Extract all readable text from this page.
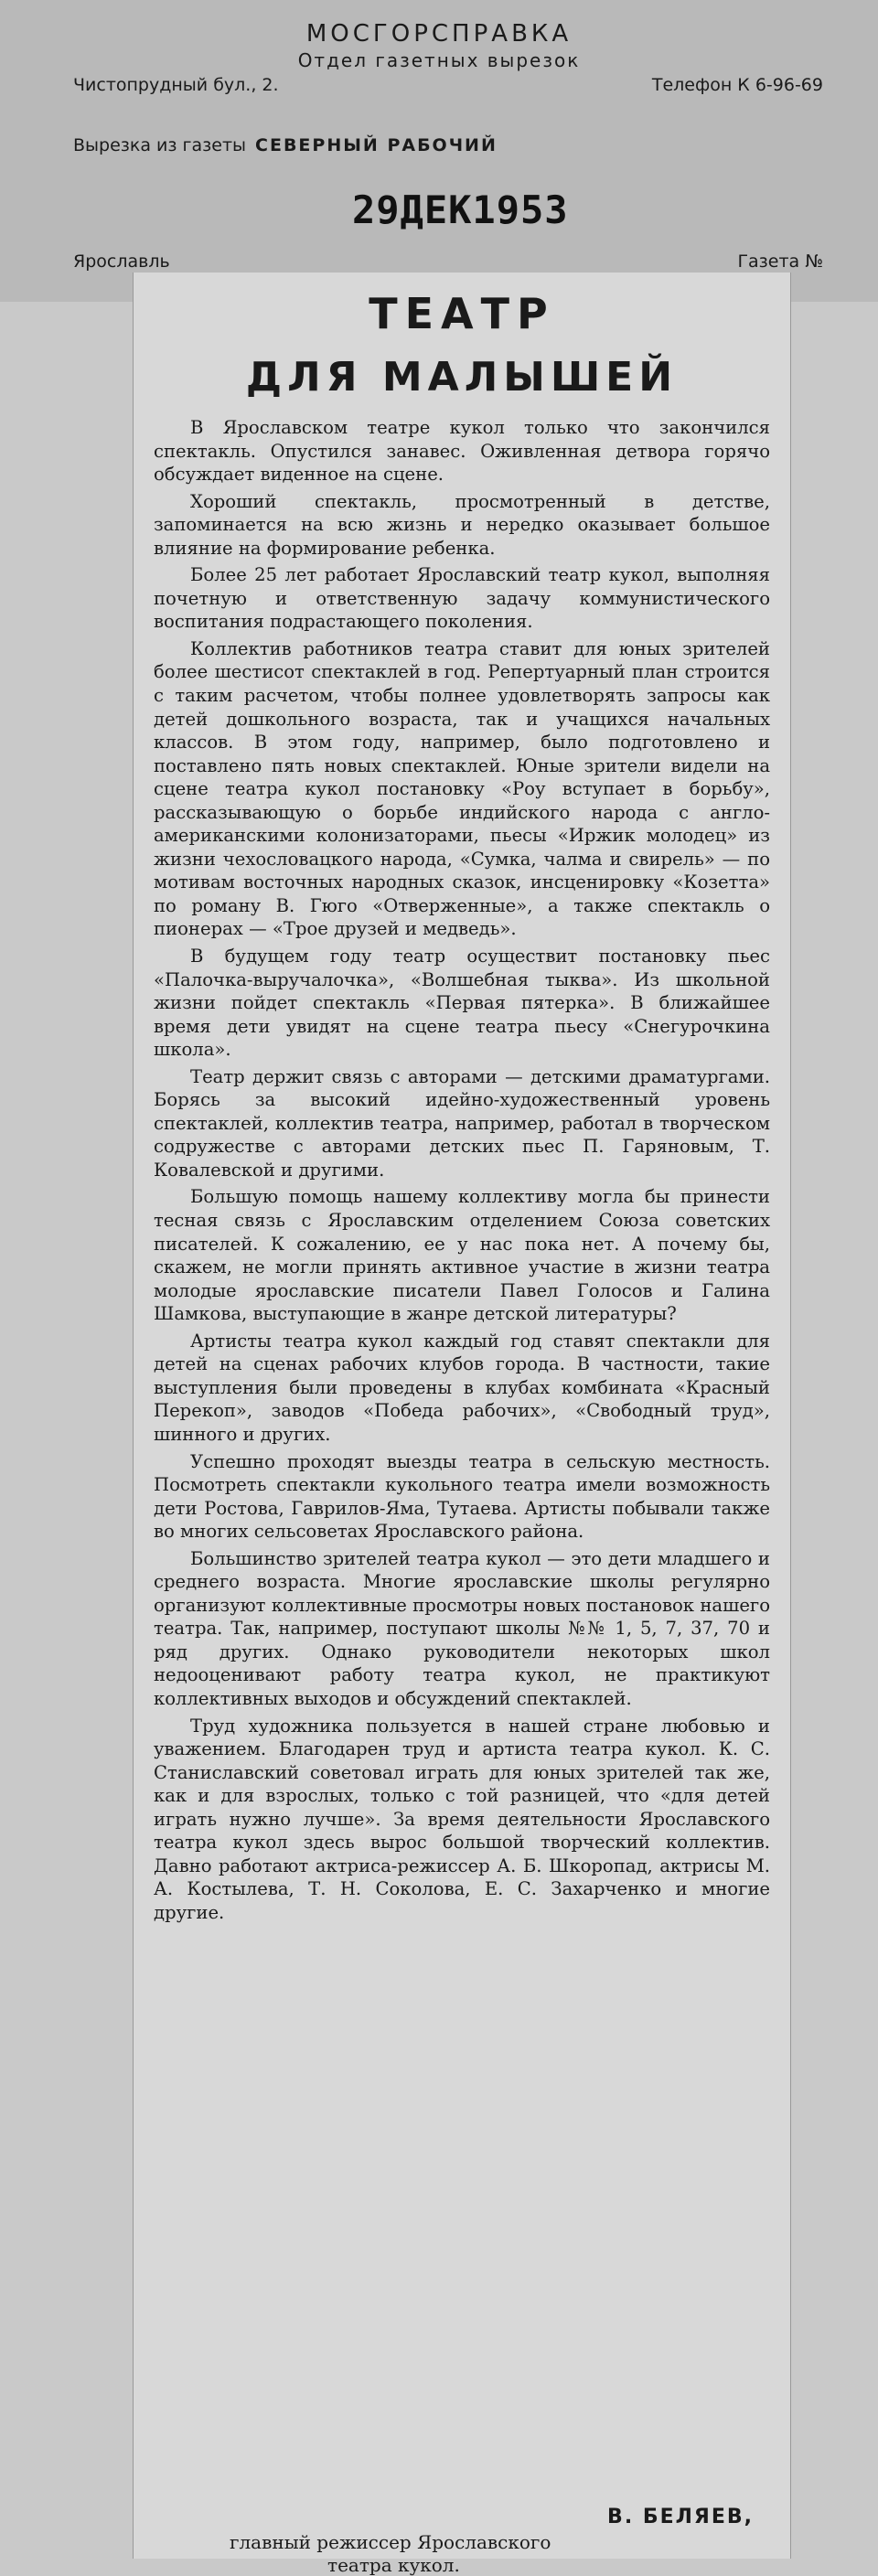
МОСГОРСПРАВКА
Отдел газетных вырезок
Чистопрудный бул., 2.	Телефон К 6-96-69
Вырезка из газеты СЕВЕРНЫЙ РАБОЧИЙ
29ДЕК1953
Ярославль	Газета №
ТЕАТР
ДЛЯ МАЛЫШЕЙ

В Ярославском театре кукол только что закончился спектакль. Опустился занавес. Оживленная детвора горячо обсуждает виденное на сцене.

Хороший спектакль, просмотренный в детстве, запоминается на всю жизнь и нередко оказывает большое влияние на формирование ребенка.

Более 25 лет работает Ярославский театр кукол, выполняя почетную и ответственную задачу коммунистического воспитания подрастающего поколения.

Коллектив работников театра ставит для юных зрителей более шестисот спектаклей в год. Репертуарный план строится с таким расчетом, чтобы полнее удовлетворять запросы как детей дошкольного возраста, так и учащихся начальных классов. В этом году, например, было подготовлено и поставлено пять новых спектаклей. Юные зрители видели на сцене театра кукол постановку «Роу вступает в борьбу», рассказывающую о борьбе индийского народа с англо-американскими колонизаторами, пьесы «Иржик молодец» из жизни чехословацкого народа, «Сумка, чалма и свирель» — по мотивам восточных народных сказок, инсценировку «Козетта» по роману В. Гюго «Отверженные», а также спектакль о пионерах — «Трое друзей и медведь».

В будущем году театр осуществит постановку пьес «Палочка-выручалочка», «Волшебная тыква». Из школьной жизни пойдет спектакль «Первая пятерка». В ближайшее время дети увидят на сцене театра пьесу «Снегурочкина школа».

Театр держит связь с авторами — детскими драматургами. Борясь за высокий идейно-художественный уровень спектаклей, коллектив театра, например, работал в творческом содружестве с авторами детских пьес П. Гаряновым, Т. Ковалевской и другими.

Большую помощь нашему коллективу могла бы принести тесная связь с Ярославским отделением Союза советских писателей. К сожалению, ее у нас пока нет. А почему бы, скажем, не могли принять активное участие в жизни театра молодые ярославские писатели Павел Голосов и Галина Шамкова, выступающие в жанре детской литературы?

Артисты театра кукол каждый год ставят спектакли для детей на сценах рабочих клубов города. В частности, такие выступления были проведены в клубах комбината «Красный Перекоп», заводов «Победа рабочих», «Свободный труд», шинного и других.

Успешно проходят выезды театра в сельскую местность. Посмотреть спектакли кукольного театра имели возможность дети Ростова, Гаврилов-Яма, Тутаева. Артисты побывали также во многих сельсоветах Ярославского района.

Большинство зрителей театра кукол — это дети младшего и среднего возраста. Многие ярославские школы регулярно организуют коллективные просмотры новых постановок нашего театра. Так, например, поступают школы №№ 1, 5, 7, 37, 70 и ряд других. Однако руководители некоторых школ недооценивают работу театра кукол, не практикуют коллективных выходов и обсуждений спектаклей.

Труд художника пользуется в нашей стране любовью и уважением. Благодарен труд и артиста театра кукол. К. С. Станиславский советовал играть для юных зрителей так же, как и для взрослых, только с той разницей, что «для детей играть нужно лучше». За время деятельности Ярославского театра кукол здесь вырос большой творческий коллектив. Давно работают актриса-режиссер А. Б. Шкоропад, актрисы М. А. Костылева, Т. Н. Соколова, Е. С. Захарченко и многие другие.

В. БЕЛЯЕВ,
главный режиссер Ярославского
театра кукол.
